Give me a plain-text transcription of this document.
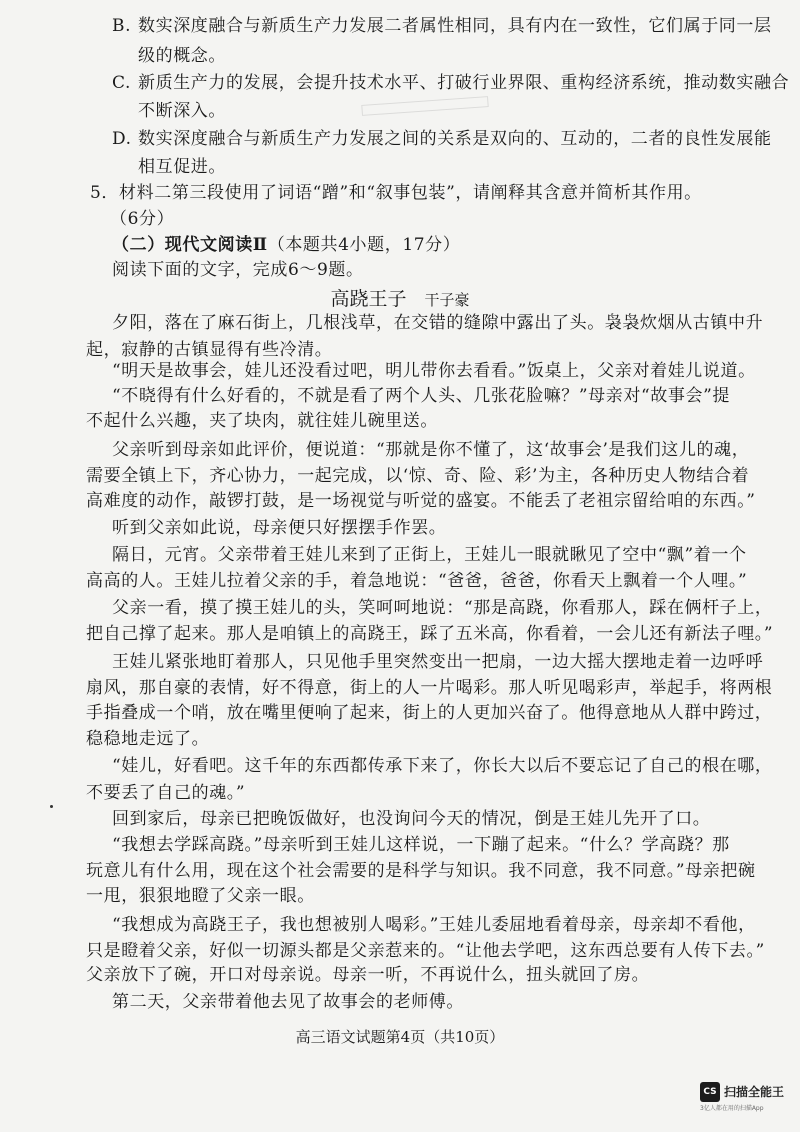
B. 数实深度融合与新质生产力发展二者属性相同，具有内在一致性，它们属于同一层
级的概念。
C. 新质生产力的发展，会提升技术水平、打破行业界限、重构经济系统，推动数实融合
不断深入。
D. 数实深度融合与新质生产力发展之间的关系是双向的、互动的，二者的良性发展能
相互促进。
5．材料二第三段使用了词语“蹭”和“叙事包装”，请阐释其含意并简析其作用。
（6分）
（二）现代文阅读Ⅱ（本题共4小题，17分）
阅读下面的文字，完成6～9题。
高跷王子 干子豪
夕阳，落在了麻石街上，几根浅草，在交错的缝隙中露出了头。袅袅炊烟从古镇中升
起，寂静的古镇显得有些冷清。
“明天是故事会，娃儿还没看过吧，明儿带你去看看。”饭桌上，父亲对着娃儿说道。
“不晓得有什么好看的，不就是看了两个人头、几张花脸嘛？”母亲对“故事会”提
不起什么兴趣，夹了块肉，就往娃儿碗里送。
父亲听到母亲如此评价，便说道：“那就是你不懂了，这‘故事会’是我们这儿的魂，
需要全镇上下，齐心协力，一起完成，以‘惊、奇、险、彩’为主，各种历史人物结合着
高难度的动作，敲锣打鼓，是一场视觉与听觉的盛宴。不能丢了老祖宗留给咱的东西。”
听到父亲如此说，母亲便只好摆摆手作罢。
隔日，元宵。父亲带着王娃儿来到了正街上，王娃儿一眼就瞅见了空中“飘”着一个
高高的人。王娃儿拉着父亲的手，着急地说：“爸爸，爸爸，你看天上飘着一个人哩。”
父亲一看，摸了摸王娃儿的头，笑呵呵地说：“那是高跷，你看那人，踩在俩杆子上，
把自己撑了起来。那人是咱镇上的高跷王，踩了五米高，你看着，一会儿还有新法子哩。”
王娃儿紧张地盯着那人，只见他手里突然变出一把扇，一边大摇大摆地走着一边呼呼
扇风，那自豪的表情，好不得意，街上的人一片喝彩。那人听见喝彩声，举起手，将两根
手指叠成一个哨，放在嘴里便响了起来，街上的人更加兴奋了。他得意地从人群中跨过，
稳稳地走远了。
“娃儿，好看吧。这千年的东西都传承下来了，你长大以后不要忘记了自己的根在哪，
不要丢了自己的魂。”
回到家后，母亲已把晚饭做好，也没询问今天的情况，倒是王娃儿先开了口。
“我想去学踩高跷。”母亲听到王娃儿这样说，一下蹦了起来。“什么？学高跷？那
玩意儿有什么用，现在这个社会需要的是科学与知识。我不同意，我不同意。”母亲把碗
一甩，狠狠地瞪了父亲一眼。
“我想成为高跷王子，我也想被别人喝彩。”王娃儿委屈地看着母亲，母亲却不看他，
只是瞪着父亲，好似一切源头都是父亲惹来的。“让他去学吧，这东西总要有人传下去。”
父亲放下了碗，开口对母亲说。母亲一听，不再说什么，扭头就回了房。
第二天，父亲带着他去见了故事会的老师傅。
高三语文试题第4页（共10页）
CS 扫描全能王
3亿人都在用的扫描App
